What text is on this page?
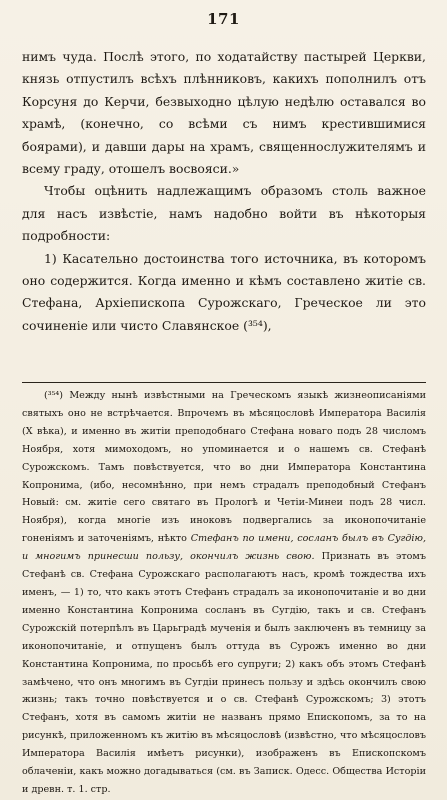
171

нимъ чуда. Послѣ этого, по ходатайству пастырей Церкви, князь отпустилъ всѣхъ плѣнниковъ, какихъ пополнилъ отъ Корсуня до Керчи, безвыходно цѣлую недѣлю оставался во храмѣ, (конечно, со всѣми съ нимъ крестившимися боярами), и давши дары на храмъ, священнослужителямъ и всему граду, отошелъ восвояси.»

Чтобы оцѣнить надлежащимъ образомъ столь важное для насъ извѣстіе, намъ надобно войти въ нѣкоторыя подробности:

1) Касательно достоинства того источника, въ которомъ оно содержится. Когда именно и кѣмъ составлено житіе св. Стефана, Архіепископа Сурожскаго, Греческое ли это сочиненіе или чисто Славянское (³⁵⁴),

(³⁵⁴) Между нынѣ извѣстными на Греческомъ языкѣ жизнеописаніями святыхъ оно не встрѣчается. Впрочемъ въ мѣсяцословѣ Императора Василія (X вѣка), и именно въ житіи преподобнаго Стефана новаго подъ 28 числомъ Ноября, хотя мимоходомъ, но упоминается и о нашемъ св. Стефанѣ Сурожскомъ. Тамъ повѣствуется, что во дни Императора Константина Копронима, (ибо, несомнѣнно, при немъ страдалъ преподобный Стефанъ Новый: см. житіе сего святаго въ Прологѣ и Четіи-Минеи подъ 28 числ. Ноября), когда многіе изъ иноковъ подвергались за иконопочитаніе гоненіямъ и заточеніямъ, нѣкто Стефанъ по имени, сосланъ былъ въ Сугдію, и многимъ принесши пользу, окончилъ жизнь свою. Признать въ этомъ Стефанѣ св. Стефана Сурожскаго располагаютъ насъ, кромѣ тождества ихъ именъ, — 1) то, что какъ этотъ Стефанъ страдалъ за иконопочитаніе и во дни именно Константина Копронима сосланъ въ Сугдію, такъ и св. Стефанъ Сурожскій потерпѣлъ въ Царьградѣ мученія и былъ заключенъ въ темницу за иконопочитаніе, и отпущенъ былъ оттуда въ Сурожъ именно во дни Константина Копронима, по просьбѣ его супруги; 2) какъ объ этомъ Стефанѣ замѣчено, что онъ многимъ въ Сугдіи принесъ пользу и здѣсь окончилъ свою жизнь; такъ точно повѣствуется и о св. Стефанѣ Сурожскомъ; 3) этотъ Стефанъ, хотя въ самомъ житіи не названъ прямо Епископомъ, за то на рисункѣ, приложенномъ къ житію въ мѣсяцословѣ (извѣстно, что мѣсяцословъ Императора Василія имѣетъ рисунки), изображенъ въ Епископскомъ облаченіи, какъ можно догадываться (см. въ Записк. Одесс. Общества Исторіи и древн. т. 1. стр.
